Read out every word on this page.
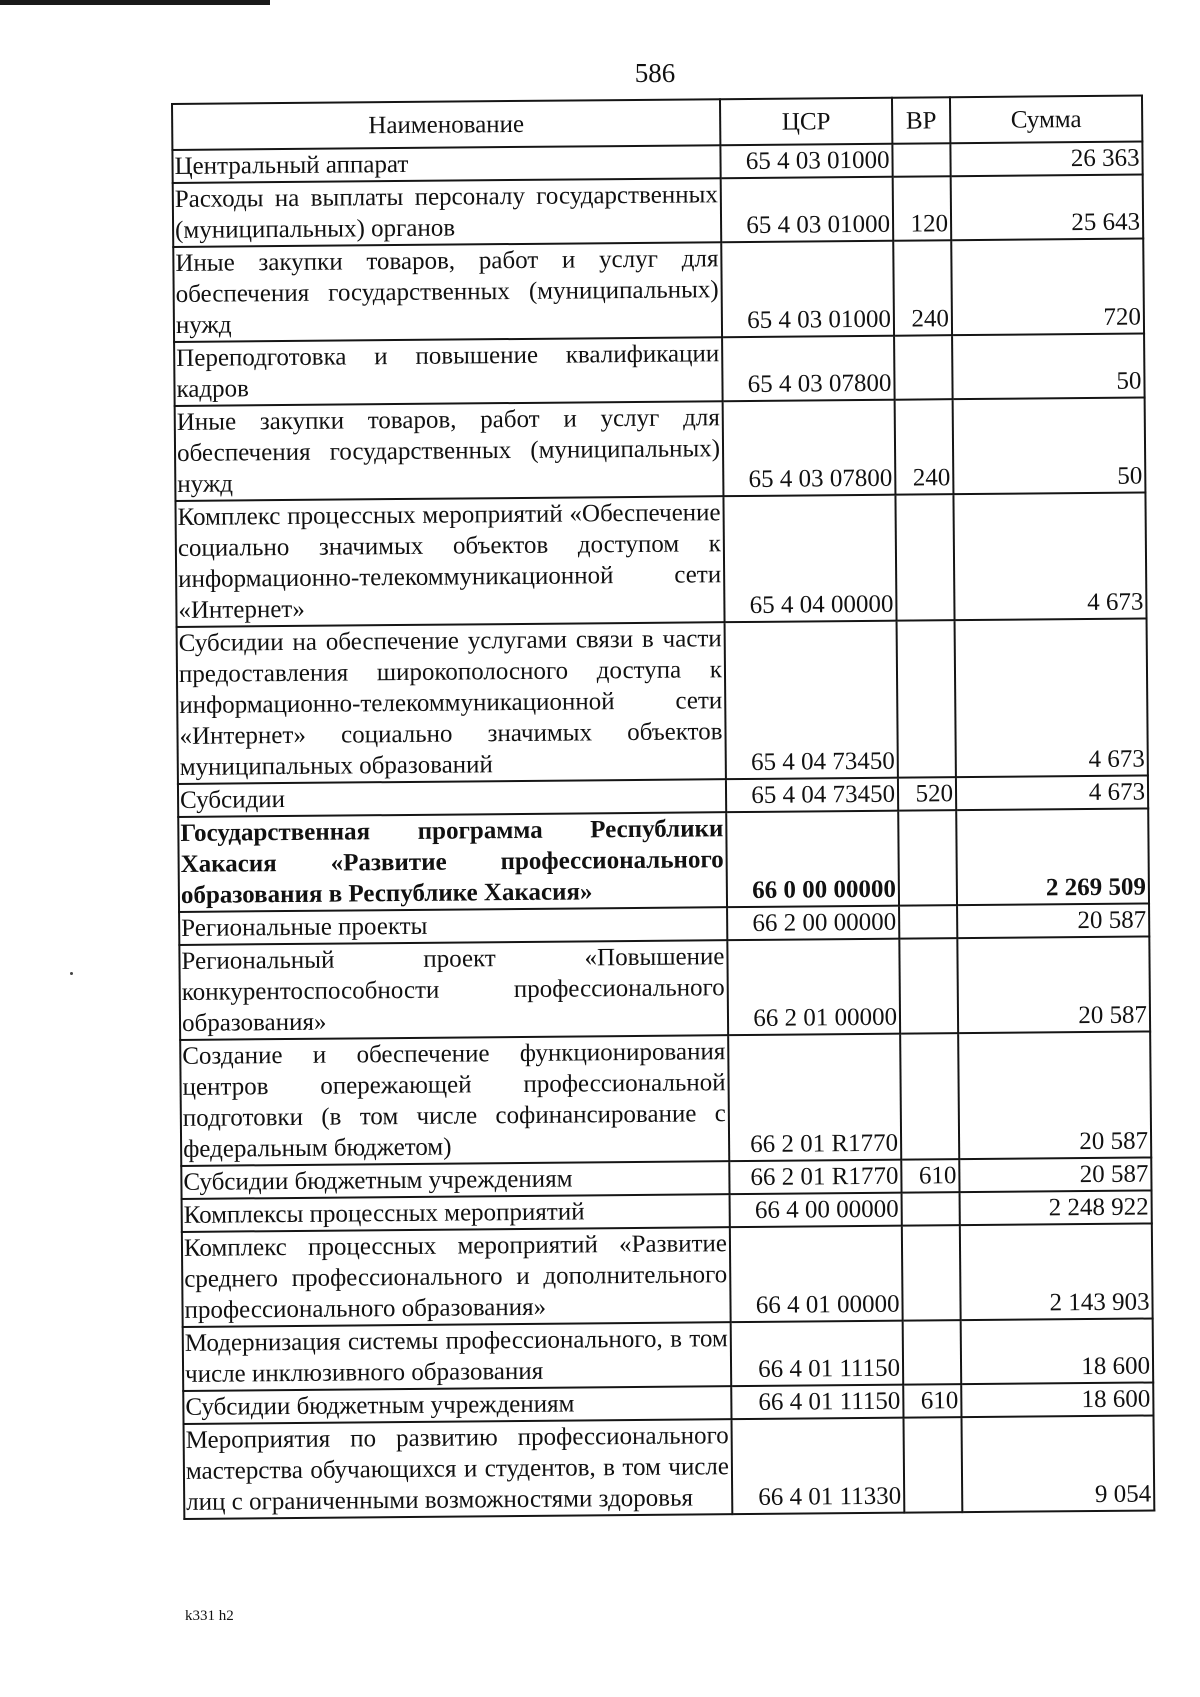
586
Наименование	ЦСР	ВР	Сумма
Центральный аппарат	65 4 03 01000		26 363
Расходы на выплаты персоналу государственных (муниципальных) органов	65 4 03 01000	120	25 643
Иные закупки товаров, работ и услуг для обеспечения государственных (муниципальных) нужд	65 4 03 01000	240	720
Переподготовка и повышение квалификации кадров	65 4 03 07800		50
Иные закупки товаров, работ и услуг для обеспечения государственных (муниципальных) нужд	65 4 03 07800	240	50
Комплекс процессных мероприятий «Обеспечение социально значимых объектов доступом к информационно-телекоммуникационной сети «Интернет»	65 4 04 00000		4 673
Субсидии на обеспечение услугами связи в части предоставления широкополосного доступа к информационно-телекоммуникационной сети «Интернет» социально значимых объектов муниципальных образований	65 4 04 73450		4 673
Субсидии	65 4 04 73450	520	4 673
Государственная программа Республики Хакасия «Развитие профессионального образования в Республике Хакасия»	66 0 00 00000		2 269 509
Региональные проекты	66 2 00 00000		20 587
Региональный проект «Повышение конкурентоспособности профессионального образования»	66 2 01 00000		20 587
Создание и обеспечение функционирования центров опережающей профессиональной подготовки (в том числе софинансирование с федеральным бюджетом)	66 2 01 R1770		20 587
Субсидии бюджетным учреждениям	66 2 01 R1770	610	20 587
Комплексы процессных мероприятий	66 4 00 00000		2 248 922
Комплекс процессных мероприятий «Развитие среднего профессионального и дополнительного профессионального образования»	66 4 01 00000		2 143 903
Модернизация системы профессионального, в том числе инклюзивного образования	66 4 01 11150		18 600
Субсидии бюджетным учреждениям	66 4 01 11150	610	18 600
Мероприятия по развитию профессионального мастерства обучающихся и студентов, в том числе лиц с ограниченными возможностями здоровья	66 4 01 11330		9 054
k331 h2
